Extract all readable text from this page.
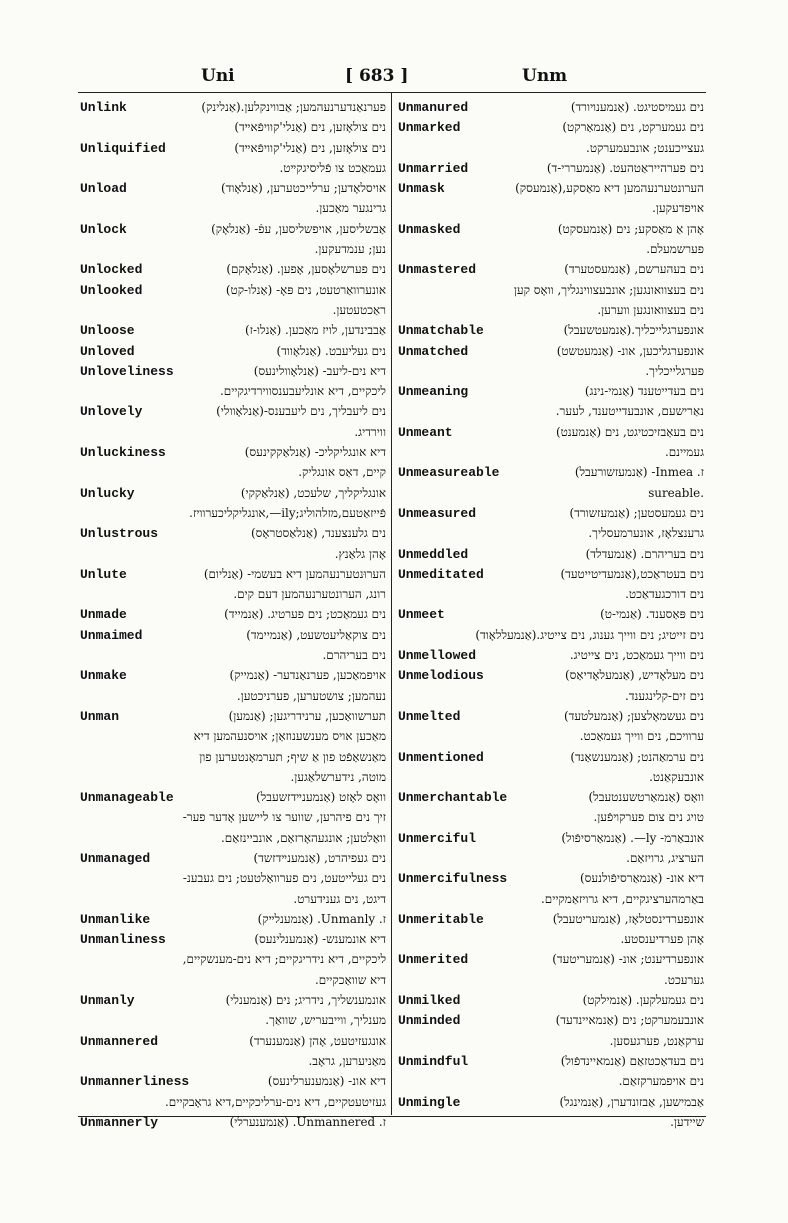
Uni	[ 683 ]	Unm
Unlink	פערנאַנדערנעהמען; אַבווינקלען.(אַנלינק)
נים צולאָזען, נים (אַנלי'קוויפֿאײד)
Unliquified	נים צולאָזען, נים (אַנלי'קוויפֿאײד)
געמאַכט צו פֿליסיגקײט.
Unload	אויסלאָדען; ערלייכטערען, (אַנלאָוד)
גרינגער מאַכען.
Unlock	אַבשליסען, אויפשליסען, עפֿ- (אַנלאָק)
נען; ענמדעקען.
Unlocked	נים פערשלאָסען, אָפען. (אַנלאָקם)
Unlooked	אונערוואַרטעט, נים פּאָ- (אַנלו-קט)
ראַכטעטען.
Unloose	אַבבינדען, לויז מאַכען. (אַנלו-ז)
Unloved	נים געליעבט. (אַנלאָווד)
Unloveliness	דיא נים-ליעב- (אַנלאָוולינעס)
ליכקיים, דיא אונליעבענסווירדיגקיים.
Unlovely	נים ליעבליך, נים ליעבענס-(אַנלאָוולי)
ווירדיג.
Unluckiness	דיא אונגליקליכ- (אַנלאַקקינעס)
קיים, דאַס אונגליק.
Unlucky	אונגליקליך, שלעכט, (אַנלאַקקי)
פֿייזאַטעם,מזלהוליג;ily—,אונגליקליכערוויז.
Unlustrous	נים גלענצענד, (אַנלאַסטראָס)
אָהן גלאַנץ.
Unlute	הערוּנטערנעהמען דיא בעשמי- (אַנליום)
רונג, הערונטערנעהמען דעם קים.
Unmade	נים געמאַכט; נים פערטיג. (אַנמייד)
Unmaimed	נים צוקאַליעטשעט, (אַנמיימד)
נים בעריהרם.
Unmake	אויפמאַכען, פערנאַנדער- (אַנמייק)
נעהמען; צושטערען, פערניכטען.
Unman	תערשוואַכען, ערנידריגען; (אַנמען)
מאַכען אויס מענשענוזאַן; אויסנעהמען דיא
מאַנשאַפֿט פון אַ שיף; תערמאָנטערען פון
מוטה, נידערשלאַגען.
Unmanageable	וואָס לאָזט (אַנמענײדזשעבל)
זיך נים פיהרען, שווער צו ליישען אָדער פער-
וואַלטען; אונגעהאָרזאַם, אונביינזאַם.
Unmanaged	נים געפיהרט, (אַנמענײדזשד)
נים געלייטעט, נים פערוואַלטעט; נים געבענ-
דיגט, נים גענידערט.
Unmanlike	ז. Unmanly. (אַנמענלײק)
Unmanliness	דיא אונמענש- (אַנמענלינעס)
ליכקיים, דיא נידריגקיים; דיא נים-מענשקיים,
דיא שוואַכקיים.
Unmanly	אונמענשליך, נידריג; נים (אַנמענלי)
מענליך, ווייבעריש, שוואַך.
Unmannered	אונגעזיטעט, אָהן (אַנמענערד)
מאַניערען, גראָב.
Unmannerliness	דיא אונ- (אַנמענערלינעס)
געזיטעטקיים, דיא נים-ערליכקיים,דיא גראָבקיים.
Unmannerly	ז. Unmannered. (אַנמענערלי)
Unmanured	נים געמיסטיגט. (אַנמענױורד)
Unmarked	נים געמערקט, נים (אַנמאַרקט)
געצייכענט; אונבעמערקט.
Unmarried	נים פערהייראַטהעט. (אַנמעררי-ד)
Unmask	הערונטערנעהמען דיא מאַסקע,(אַנמעסק)
אויפדעקען.
Unmasked	אָהן אַ מאַסקע; נים (אַנמעסקט)
פערשמעלם.
Unmastered	נים בעהערשם, (אַנמעסטערד)
נים בעצוואונגען; אונבעצווינגליך, וואָס קען
נים בעצוואונגען ווערען.
Unmatchable	אונפערגלייכליך.(אַנמעטשעבל)
Unmatched	אונפערגליכען, אונ- (אַנמעטשט)
פערגלייכליך.
Unmeaning	נים בעדייטענד (אַנמי-נינג)
נאַרישעם, אונבעדייטענד, לעער.
Unmeant	נים בעאַבזיכטיגט, נים (אַנמענט)
געמיינם.
Unmeasureable	ז. Inmea- (אַנמעזשורעבל)
sureable.
Unmeasured	נים געמעסטען; (אַנמעזשורד)
גרענצלאָז, אונערמעסליך.
Unmeddled	נים בעריהרם. (אַנמעדלד)
Unmeditated	נים בעטראַכט,(אַנמעדיטייטעד)
נים דורכגעדאַכט.
Unmeet	נים פּאַסענד. (אַנמי-ט)
נים זייטיג; נים ווייך גענוג, נים צייטיג.(אַנמעללאָוד)
Unmellowed	נים ווייך געמאַכט, נים צייטיג.
Unmelodious	נים מעלאָדיש, (אַנמעלאָדיאַס)
נים זים-קלינגענד.
Unmelted	נים געשמאָלצען; (אַנמעלטעד)
ערוויכם, נים ווייך געמאַכט.
Unmentioned	נים ערמאַהנט; (אַנמענשאַנד)
אונבעקאַנט.
Unmerchantable	וואָס (אַנמאַרטשענטעבל)
טויג נים צום פערקױפֿען.
Unmerciful	אונבאַרמ- ly—. (אַנמאַרסיפֿול)
הערציג, גרויזאַם.
Unmercifulness	דיא אונ- (אַנמאַרסיפֿולנעס)
באַרמהערציגקיים, דיא גרויזאַמקיים.
Unmeritable	אונפערדינסטלאָז, (אַנמעריטעבל)
אָהן פערדיענסטע.
Unmerited	אונפערדיענט; אונ- (אַנמעריטעד)
גערעכט.
Unmilked	נים געמעלקען. (אַנמילקט)
Unminded	אונבעמערקט; נים (אַנמאיינדעד)
ערקאַנט, פערגעסען.
Unmindful	נים בעדאַכטזאַם (אַנמאיינדפֿול)
נים אויפמערקזאַם.
Unmingle	אַבמישען, אַבזונדערן, (אַנמינגל)
שיידען.
